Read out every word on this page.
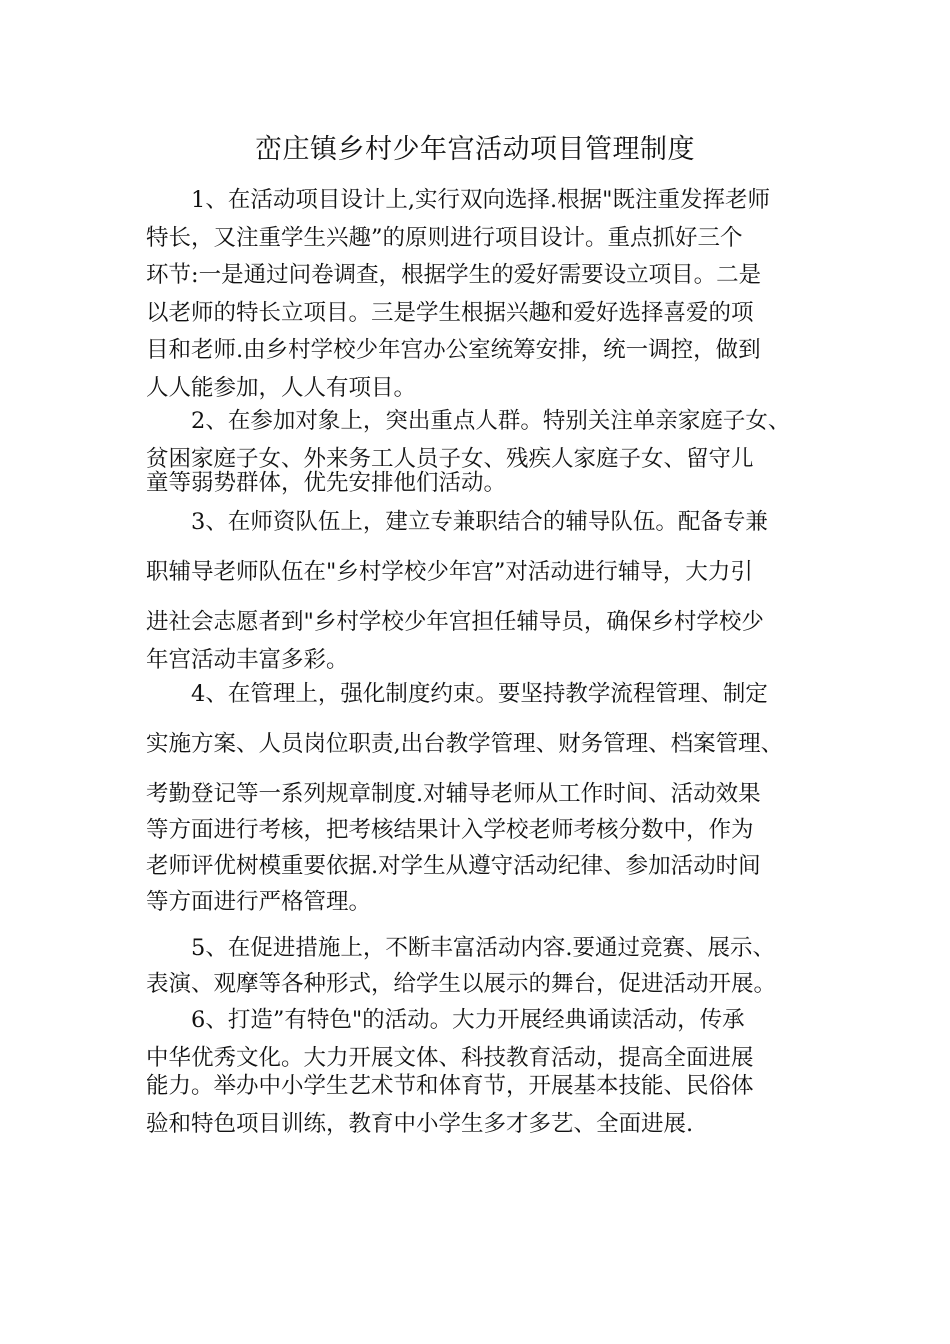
峦庄镇乡村少年宫活动项目管理制度

1、在活动项目设计上,实行双向选择.根据"既注重发挥老师
特长，又注重学生兴趣”的原则进行项目设计。重点抓好三个
环节:一是通过问卷调查，根据学生的爱好需要设立项目。二是
以老师的特长立项目。三是学生根据兴趣和爱好选择喜爱的项
目和老师.由乡村学校少年宫办公室统筹安排，统一调控，做到
人人能参加，人人有项目。

2、在参加对象上，突出重点人群。特别关注单亲家庭子女、
贫困家庭子女、外来务工人员子女、残疾人家庭子女、留守儿
童等弱势群体，优先安排他们活动。

3、在师资队伍上，建立专兼职结合的辅导队伍。配备专兼
职辅导老师队伍在"乡村学校少年宫”对活动进行辅导，大力引
进社会志愿者到"乡村学校少年宫担任辅导员，确保乡村学校少
年宫活动丰富多彩。

4、在管理上，强化制度约束。要坚持教学流程管理、制定
实施方案、人员岗位职责,出台教学管理、财务管理、档案管理、
考勤登记等一系列规章制度.对辅导老师从工作时间、活动效果
等方面进行考核，把考核结果计入学校老师考核分数中，作为
老师评优树模重要依据.对学生从遵守活动纪律、参加活动时间
等方面进行严格管理。

5、在促进措施上，不断丰富活动内容.要通过竞赛、展示、
表演、观摩等各种形式，给学生以展示的舞台，促进活动开展。

6、打造”有特色"的活动。大力开展经典诵读活动，传承
中华优秀文化。大力开展文体、科技教育活动，提高全面进展
能力。举办中小学生艺术节和体育节，开展基本技能、民俗体
验和特色项目训练，教育中小学生多才多艺、全面进展.
